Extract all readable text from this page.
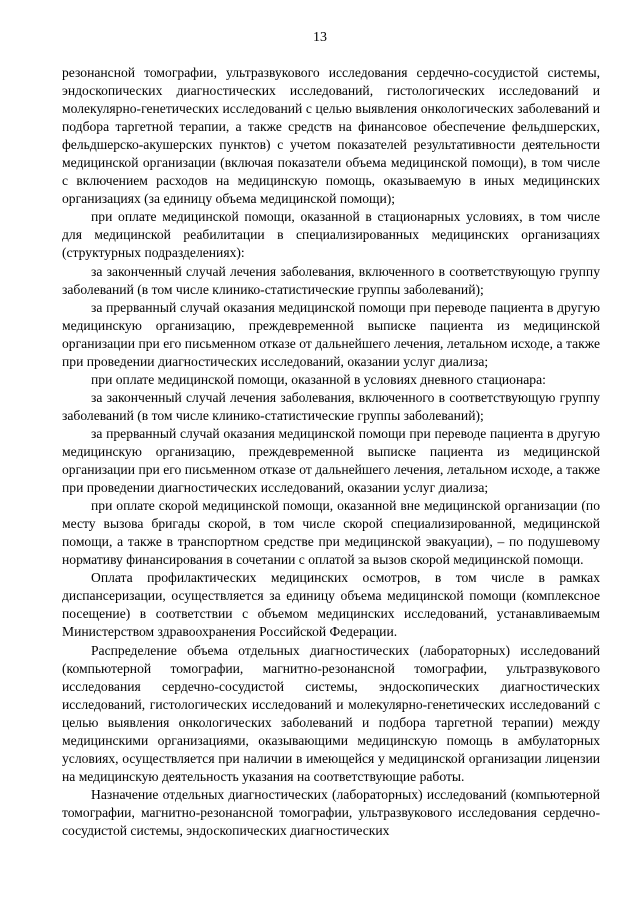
13

резонансной томографии, ультразвукового исследования сердечно-сосудистой системы, эндоскопических диагностических исследований, гистологических исследований и молекулярно-генетических исследований с целью выявления онкологических заболеваний и подбора таргетной терапии, а также средств на финансовое обеспечение фельдшерских, фельдшерско-акушерских пунктов) с учетом показателей результативности деятельности медицинской организации (включая показатели объема медицинской помощи), в том числе с включением расходов на медицинскую помощь, оказываемую в иных медицинских организациях (за единицу объема медицинской помощи);

при оплате медицинской помощи, оказанной в стационарных условиях, в том числе для медицинской реабилитации в специализированных медицинских организациях (структурных подразделениях):

за законченный случай лечения заболевания, включенного в соответствующую группу заболеваний (в том числе клинико-статистические группы заболеваний);

за прерванный случай оказания медицинской помощи при переводе пациента в другую медицинскую организацию, преждевременной выписке пациента из медицинской организации при его письменном отказе от дальнейшего лечения, летальном исходе, а также при проведении диагностических исследований, оказании услуг диализа;

при оплате медицинской помощи, оказанной в условиях дневного стационара:

за законченный случай лечения заболевания, включенного в соответствующую группу заболеваний (в том числе клинико-статистические группы заболеваний);

за прерванный случай оказания медицинской помощи при переводе пациента в другую медицинскую организацию, преждевременной выписке пациента из медицинской организации при его письменном отказе от дальнейшего лечения, летальном исходе, а также при проведении диагностических исследований, оказании услуг диализа;

при оплате скорой медицинской помощи, оказанной вне медицинской организации (по месту вызова бригады скорой, в том числе скорой специализированной, медицинской помощи, а также в транспортном средстве при медицинской эвакуации), – по подушевому нормативу финансирования в сочетании с оплатой за вызов скорой медицинской помощи.

Оплата профилактических медицинских осмотров, в том числе в рамках диспансеризации, осуществляется за единицу объема медицинской помощи (комплексное посещение) в соответствии с объемом медицинских исследований, устанавливаемым Министерством здравоохранения Российской Федерации.

Распределение объема отдельных диагностических (лабораторных) исследований (компьютерной томографии, магнитно-резонансной томографии, ультразвукового исследования сердечно-сосудистой системы, эндоскопических диагностических исследований, гистологических исследований и молекулярно-генетических исследований с целью выявления онкологических заболеваний и подбора таргетной терапии) между медицинскими организациями, оказывающими медицинскую помощь в амбулаторных условиях, осуществляется при наличии в имеющейся у медицинской организации лицензии на медицинскую деятельность указания на соответствующие работы.

Назначение отдельных диагностических (лабораторных) исследований (компьютерной томографии, магнитно-резонансной томографии, ультразвукового исследования сердечно-сосудистой системы, эндоскопических диагностических
